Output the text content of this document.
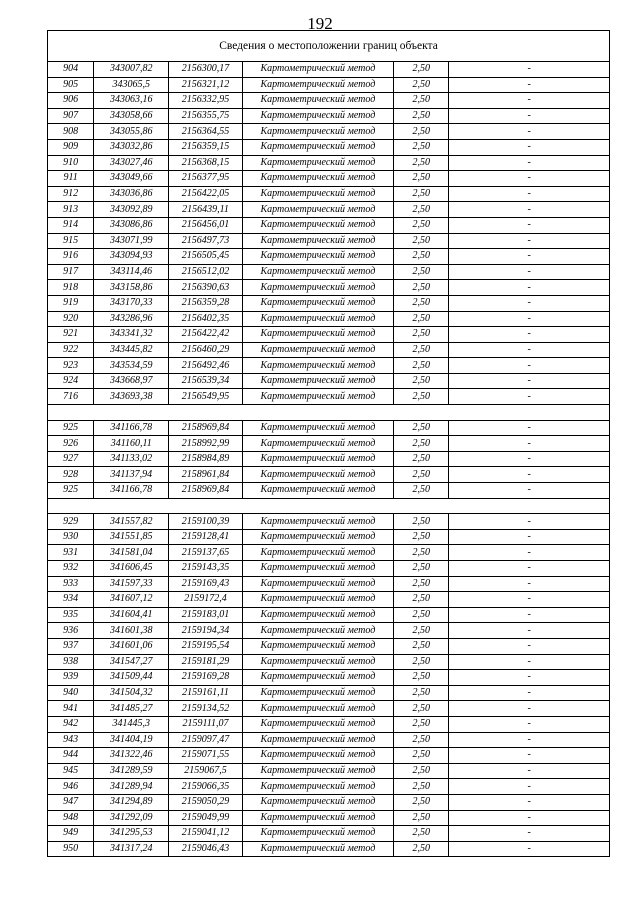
192
Сведения о местоположении границ объекта					
904	343007,82	2156300,17	Картометрический метод	2,50	-
905	343065,5	2156321,12	Картометрический метод	2,50	-
906	343063,16	2156332,95	Картометрический метод	2,50	-
907	343058,66	2156355,75	Картометрический метод	2,50	-
908	343055,86	2156364,55	Картометрический метод	2,50	-
909	343032,86	2156359,15	Картометрический метод	2,50	-
910	343027,46	2156368,15	Картометрический метод	2,50	-
911	343049,66	2156377,95	Картометрический метод	2,50	-
912	343036,86	2156422,05	Картометрический метод	2,50	-
913	343092,89	2156439,11	Картометрический метод	2,50	-
914	343086,86	2156456,01	Картометрический метод	2,50	-
915	343071,99	2156497,73	Картометрический метод	2,50	-
916	343094,93	2156505,45	Картометрический метод	2,50	-
917	343114,46	2156512,02	Картометрический метод	2,50	-
918	343158,86	2156390,63	Картометрический метод	2,50	-
919	343170,33	2156359,28	Картометрический метод	2,50	-
920	343286,96	2156402,35	Картометрический метод	2,50	-
921	343341,32	2156422,42	Картометрический метод	2,50	-
922	343445,82	2156460,29	Картометрический метод	2,50	-
923	343534,59	2156492,46	Картометрический метод	2,50	-
924	343668,97	2156539,34	Картометрический метод	2,50	-
716	343693,38	2156549,95	Картометрический метод	2,50	-

925	341166,78	2158969,84	Картометрический метод	2,50	-
926	341160,11	2158992,99	Картометрический метод	2,50	-
927	341133,02	2158984,89	Картометрический метод	2,50	-
928	341137,94	2158961,84	Картометрический метод	2,50	-
925	341166,78	2158969,84	Картометрический метод	2,50	-

929	341557,82	2159100,39	Картометрический метод	2,50	-
930	341551,85	2159128,41	Картометрический метод	2,50	-
931	341581,04	2159137,65	Картометрический метод	2,50	-
932	341606,45	2159143,35	Картометрический метод	2,50	-
933	341597,33	2159169,43	Картометрический метод	2,50	-
934	341607,12	2159172,4	Картометрический метод	2,50	-
935	341604,41	2159183,01	Картометрический метод	2,50	-
936	341601,38	2159194,34	Картометрический метод	2,50	-
937	341601,06	2159195,54	Картометрический метод	2,50	-
938	341547,27	2159181,29	Картометрический метод	2,50	-
939	341509,44	2159169,28	Картометрический метод	2,50	-
940	341504,32	2159161,11	Картометрический метод	2,50	-
941	341485,27	2159134,52	Картометрический метод	2,50	-
942	341445,3	2159111,07	Картометрический метод	2,50	-
943	341404,19	2159097,47	Картометрический метод	2,50	-
944	341322,46	2159071,55	Картометрический метод	2,50	-
945	341289,59	2159067,5	Картометрический метод	2,50	-
946	341289,94	2159066,35	Картометрический метод	2,50	-
947	341294,89	2159050,29	Картометрический метод	2,50	-
948	341292,09	2159049,99	Картометрический метод	2,50	-
949	341295,53	2159041,12	Картометрический метод	2,50	-
950	341317,24	2159046,43	Картометрический метод	2,50	-
